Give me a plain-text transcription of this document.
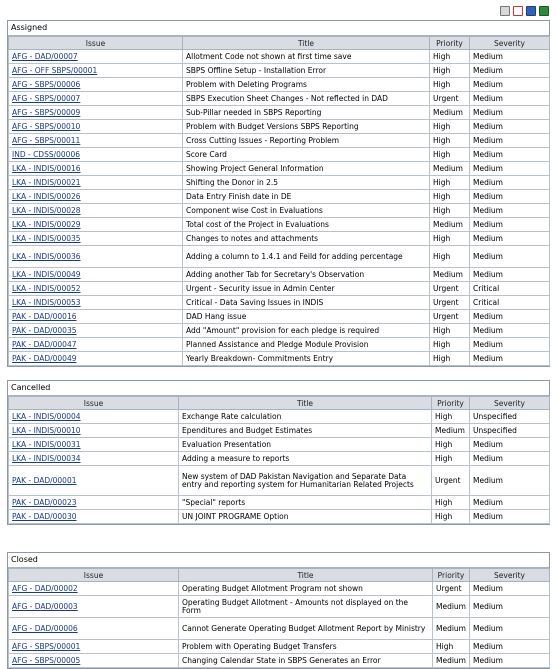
Assigned
Issue	Title	Priority	Severity
AFG - DAD/00007	Allotment Code not shown at first time save	High	Medium
AFG - OFF SBPS/00001	SBPS Offline Setup - Installation Error	High	Medium
AFG - SBPS/00006	Problem with Deleting Programs	High	Medium
AFG - SBPS/00007	SBPS Execution Sheet Changes - Not reflected in DAD	Urgent	Medium
AFG - SBPS/00009	Sub-Pillar needed in SBPS Reporting	Medium	Medium
AFG - SBPS/00010	Problem with Budget Versions SBPS Reporting	High	Medium
AFG - SBPS/00011	Cross Cutting Issues - Reporting Problem	High	Medium
IND - CDSS/00006	Score Card	High	Medium
LKA - INDIS/00016	Showing Project General Information	Medium	Medium
LKA - INDIS/00021	Shifting the Donor in 2.5	High	Medium
LKA - INDIS/00026	Data Entry Finish date in DE	High	Medium
LKA - INDIS/00028	Component wise Cost in Evaluations	High	Medium
LKA - INDIS/00029	Total cost of the Project in Evaluations	Medium	Medium
LKA - INDIS/00035	Changes to notes and attachments	High	Medium
LKA - INDIS/00036	Adding a column to 1.4.1 and Feild for adding percentage	High	Medium
LKA - INDIS/00049	Adding another Tab for Secretary's Observation	Medium	Medium
LKA - INDIS/00052	Urgent - Security issue in Admin Center	Urgent	Critical
LKA - INDIS/00053	Critical - Data Saving Issues in INDIS	Urgent	Critical
PAK - DAD/00016	DAD Hang issue	Urgent	Medium
PAK - DAD/00035	Add "Amount" provision for each pledge is required	High	Medium
PAK - DAD/00047	Planned Assistance and Pledge Module Provision	High	Medium
PAK - DAD/00049	Yearly Breakdown- Commitments Entry	High	Medium
Cancelled
Issue	Title	Priority	Severity
LKA - INDIS/00004	Exchange Rate calculation	High	Unspecified
LKA - INDIS/00010	Ependitures and Budget Estimates	Medium	Unspecified
LKA - INDIS/00031	Evaluation Presentation	High	Medium
LKA - INDIS/00034	Adding a measure to reports	High	Medium
PAK - DAD/00001	New system of DAD Pakistan Navigation and Separate Data entry and reporting system for Humanitarian Related Projects	Urgent	Medium
PAK - DAD/00023	"Special" reports	High	Medium
PAK - DAD/00030	UN JOINT PROGRAME Option	High	Medium
Closed
Issue	Title	Priority	Severity
AFG - DAD/00002	Operating Budget Allotment Program not shown	Urgent	Medium
AFG - DAD/00003	Operating Budget Allotment - Amounts not displayed on the Form	Medium	Medium
AFG - DAD/00006	Cannot Generate Operating Budget Allotment Report by Ministry	Medium	Medium
AFG - SBPS/00001	Problem with Operating Budget Transfers	High	Medium
AFG - SBPS/00005	Changing Calendar State in SBPS Generates an Error	Medium	Medium
